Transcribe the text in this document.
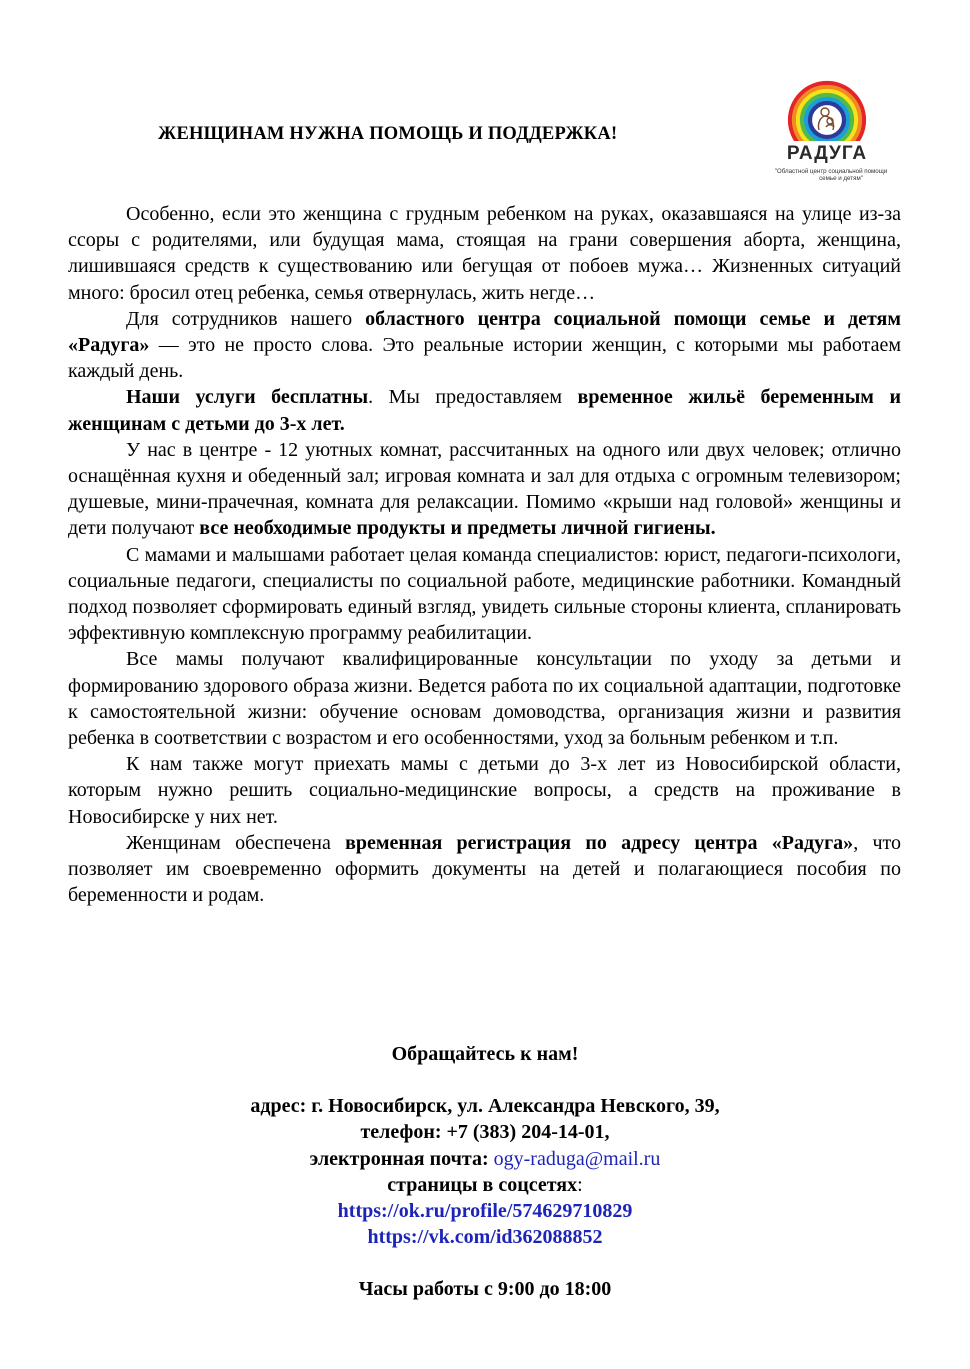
ЖЕНЩИНАМ НУЖНА ПОМОЩЬ И ПОДДЕРЖКА!
РАДУГА
"Областной центр социальной помощи
семье и детям"

Особенно, если это женщина с грудным ребенком на руках, оказавшаяся на улице из-за ссоры с родителями, или будущая мама, стоящая на грани совершения аборта, женщина, лишившаяся средств к существованию или бегущая от побоев мужа… Жизненных ситуаций много: бросил отец ребенка, семья отвернулась, жить негде…

Для сотрудников нашего областного центра социальной помощи семье и детям «Радуга» — это не просто слова. Это реальные истории женщин, с которыми мы работаем каждый день.

Наши услуги бесплатны. Мы предоставляем временное жильё беременным и женщинам с детьми до 3-х лет.

У нас в центре - 12 уютных комнат, рассчитанных на одного или двух человек; отлично оснащённая кухня и обеденный зал; игровая комната и зал для отдыха с огромным телевизором; душевые, мини-прачечная, комната для релаксации. Помимо «крыши над головой» женщины и дети получают все необходимые продукты и предметы личной гигиены.

С мамами и малышами работает целая команда специалистов: юрист, педагоги-психологи, социальные педагоги, специалисты по социальной работе, медицинские работники. Командный подход позволяет сформировать единый взгляд, увидеть сильные стороны клиента, спланировать эффективную комплексную программу реабилитации.

Все мамы получают квалифицированные консультации по уходу за детьми и формированию здорового образа жизни. Ведется работа по их социальной адаптации, подготовке к самостоятельной жизни: обучение основам домоводства, организация жизни и развития ребенка в соответствии с возрастом и его особенностями, уход за больным ребенком и т.п.

К нам также могут приехать мамы с детьми до 3-х лет из Новосибирской области, которым нужно решить социально-медицинские вопросы, а средств на проживание в Новосибирске у них нет.

Женщинам обеспечена временная регистрация по адресу центра «Радуга», что позволяет им своевременно оформить документы на детей и полагающиеся пособия по беременности и родам.

Обращайтесь к нам!
адрес: г. Новосибирск, ул. Александра Невского, 39,
телефон: +7 (383) 204-14-01,
электронная почта: ogy-raduga@mail.ru
страницы в соцсетях:
https://ok.ru/profile/574629710829
https://vk.com/id362088852
Часы работы с 9:00 до 18:00
